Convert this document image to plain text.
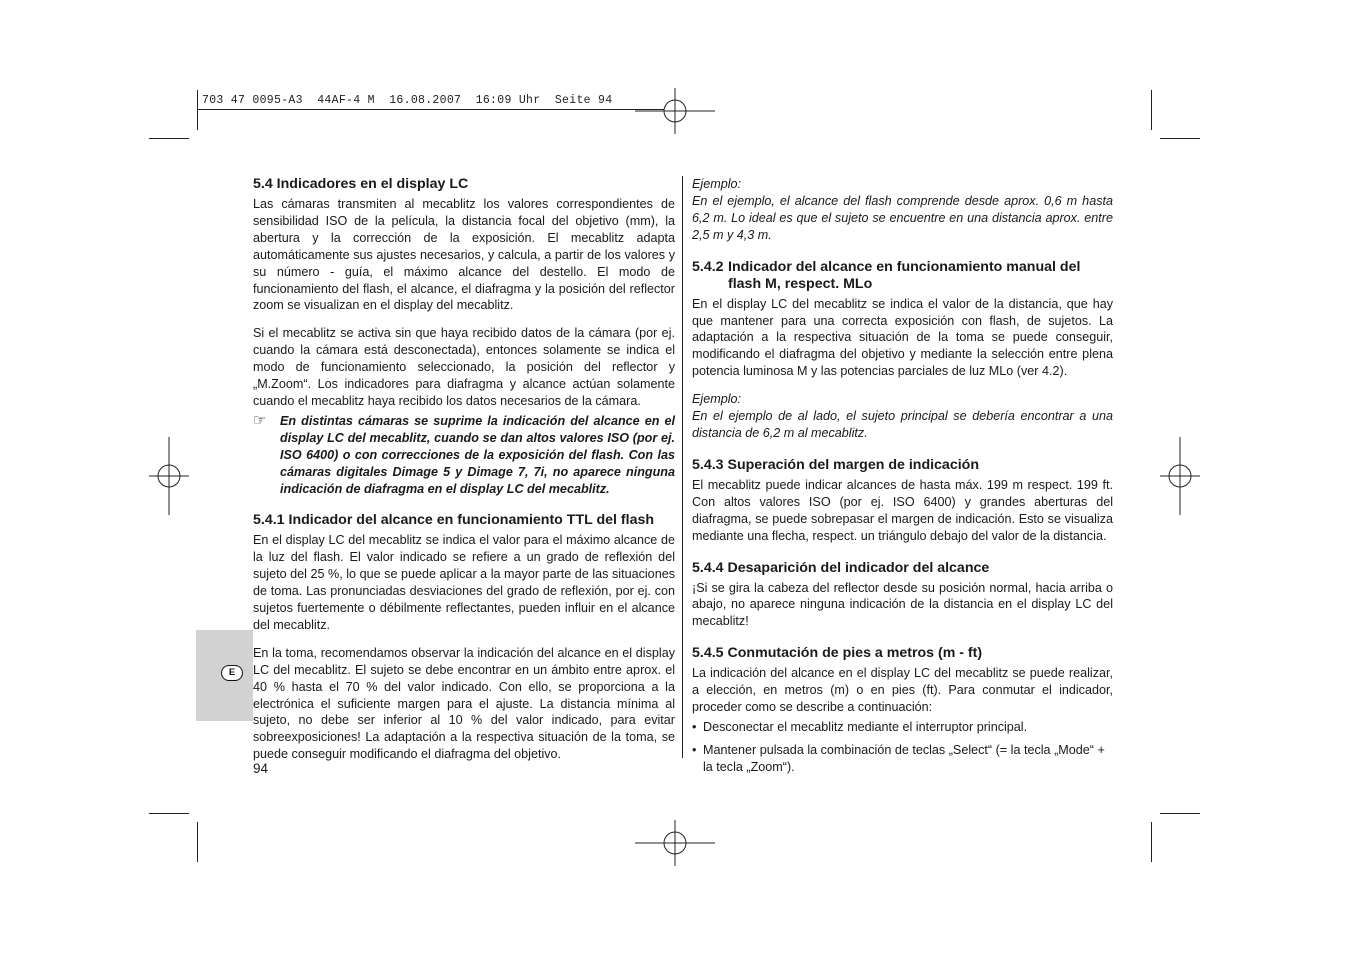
703 47 0095-A3  44AF-4 M  16.08.2007  16:09 Uhr  Seite 94
E
5.4 Indicadores en el display LC

Las cámaras transmiten al mecablitz los valores correspondientes de sensibilidad ISO de la película, la distancia focal del objetivo (mm), la abertura y la corrección de la exposición. El mecablitz adapta automáticamente sus ajustes necesarios, y calcula, a partir de los valores y su número - guía, el máximo alcance del destello. El modo de funcionamiento del flash, el alcance, el diafragma y la posición del reflector zoom se visualizan en el display del mecablitz.

Si el mecablitz se activa sin que haya recibido datos de la cámara (por ej. cuando la cámara está desconectada), entonces solamente se indica el modo de funcionamiento seleccionado, la posición del reflector y „M.Zoom“. Los indicadores para diafragma y alcance actúan solamente cuando el mecablitz haya recibido los datos necesarios de la cámara.

☞	En distintas cámaras se suprime la indicación del alcance en el display LC del mecablitz, cuando se dan altos valores ISO (por ej. ISO 6400) o con correcciones de la exposición del flash. Con las cámaras digitales Dimage 5 y Dimage 7, 7i, no aparece ninguna indicación de diafragma en el display LC del mecablitz.
5.4.1 Indicador del alcance en funcionamiento TTL del flash

En el display LC del mecablitz se indica el valor para el máximo alcance de la luz del flash. El valor indicado se refiere a un grado de reflexión del sujeto del 25 %, lo que se puede aplicar a la mayor parte de las situaciones de toma. Las pronunciadas desviaciones del grado de reflexión, por ej. con sujetos fuertemente o débilmente reflectantes, pueden influir en el alcance del mecablitz.

En la toma, recomendamos observar la indicación del alcance en el display LC del mecablitz. El sujeto se debe encontrar en un ámbito entre aprox. el 40 % hasta el 70 % del valor indicado. Con ello, se proporciona a la electrónica el suficiente margen para el ajuste. La distancia mínima al sujeto, no debe ser inferior al 10 % del valor indicado, para evitar sobreexposiciones! La adaptación a la respectiva situación de la toma, se puede conseguir modificando el diafragma del objetivo.

Ejemplo:

En el ejemplo, el alcance del flash comprende desde aprox. 0,6 m hasta 6,2 m. Lo ideal es que el sujeto se encuentre en una distancia aprox. entre 2,5 m y 4,3 m.

5.4.2 Indicador del alcance en funcionamiento manual del flash M, respect. MLo

En el display LC del mecablitz se indica el valor de la distancia, que hay que mantener para una correcta exposición con flash, de sujetos. La adaptación a la respectiva situación de la toma se puede conseguir, modificando el diafragma del objetivo y mediante la selección entre plena potencia luminosa M y las potencias parciales de luz MLo (ver 4.2).

Ejemplo:

En el ejemplo de al lado, el sujeto principal se debería encontrar a una distancia de 6,2 m al mecablitz.

5.4.3 Superación del margen de indicación

El mecablitz puede indicar alcances de hasta máx. 199 m respect. 199 ft. Con altos valores ISO (por ej. ISO 6400) y grandes aberturas del diafragma, se puede sobrepasar el margen de indicación. Esto se visualiza mediante una flecha, respect. un triángulo debajo del valor de la distancia.

5.4.4 Desaparición del indicador del alcance

¡Si se gira la cabeza del reflector desde su posición normal, hacia arriba o abajo, no aparece ninguna indicación de la distancia en el display LC del mecablitz!

5.4.5 Conmutación de pies a metros (m - ft)

La indicación del alcance en el display LC del mecablitz se puede realizar, a elección, en metros (m) o en pies (ft). Para conmutar el indicador, proceder como se describe a continuación:

• Desconectar el mecablitz mediante el interruptor principal.
• Mantener pulsada la combinación de teclas „Select“ (= la tecla „Mode“ + la tecla „Zoom“).
94
